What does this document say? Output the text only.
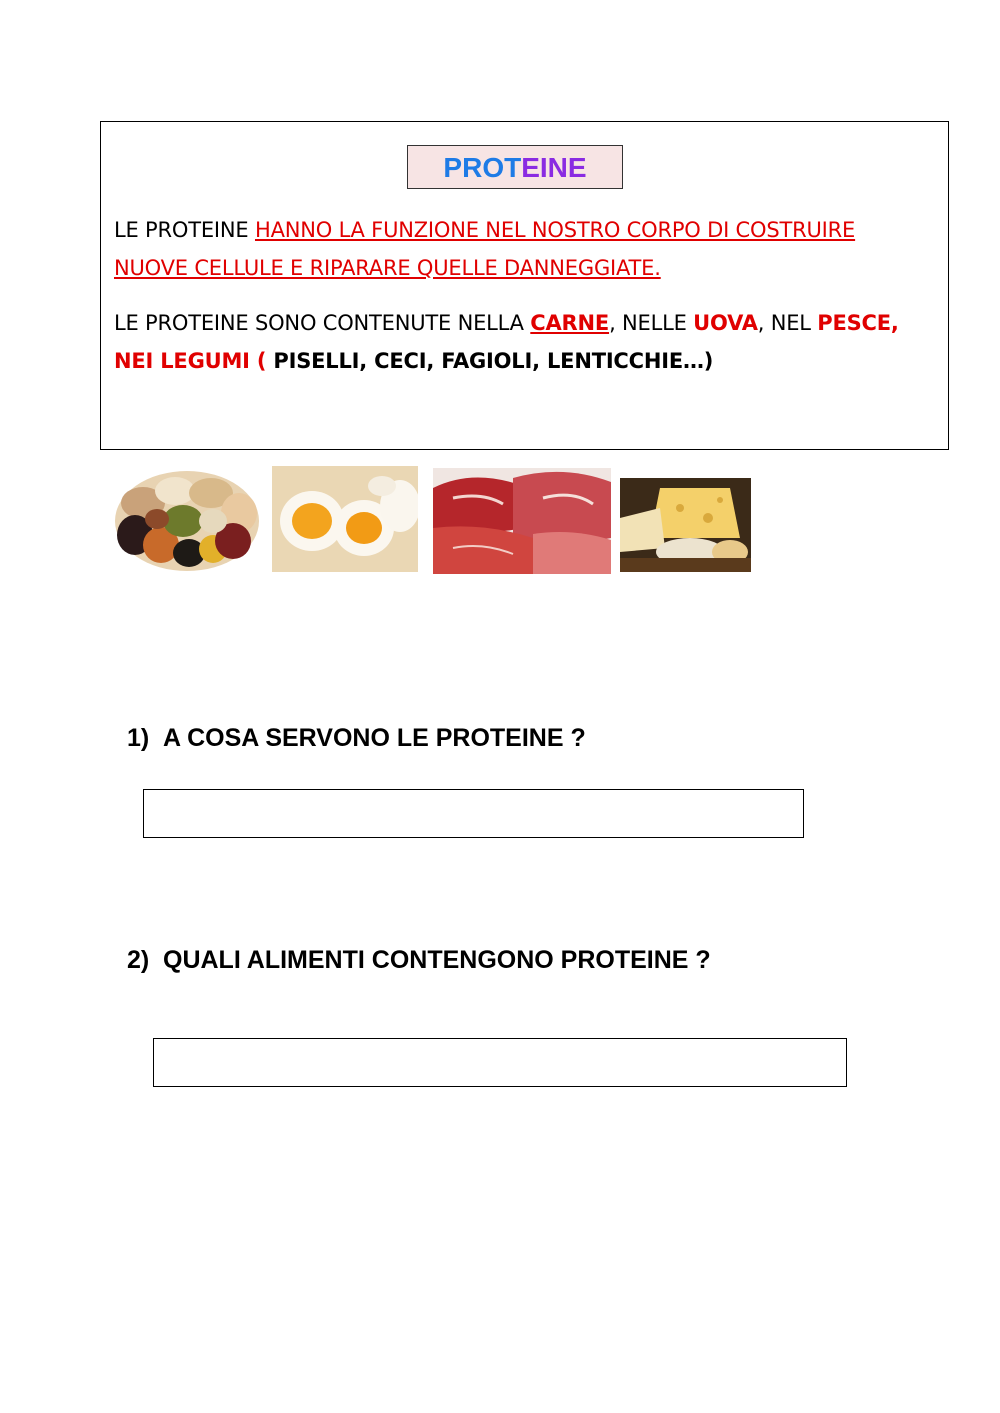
PROTEINE
LE PROTEINE HANNO LA FUNZIONE NEL NOSTRO CORPO DI COSTRUIRE NUOVE CELLULE E RIPARARE QUELLE DANNEGGIATE.
LE PROTEINE SONO CONTENUTE NELLA CARNE, NELLE UOVA, NEL PESCE, NEI LEGUMI ( PISELLI, CECI, FAGIOLI, LENTICCHIE…)
1) A COSA SERVONO LE PROTEINE ?
2) QUALI ALIMENTI CONTENGONO PROTEINE ?
